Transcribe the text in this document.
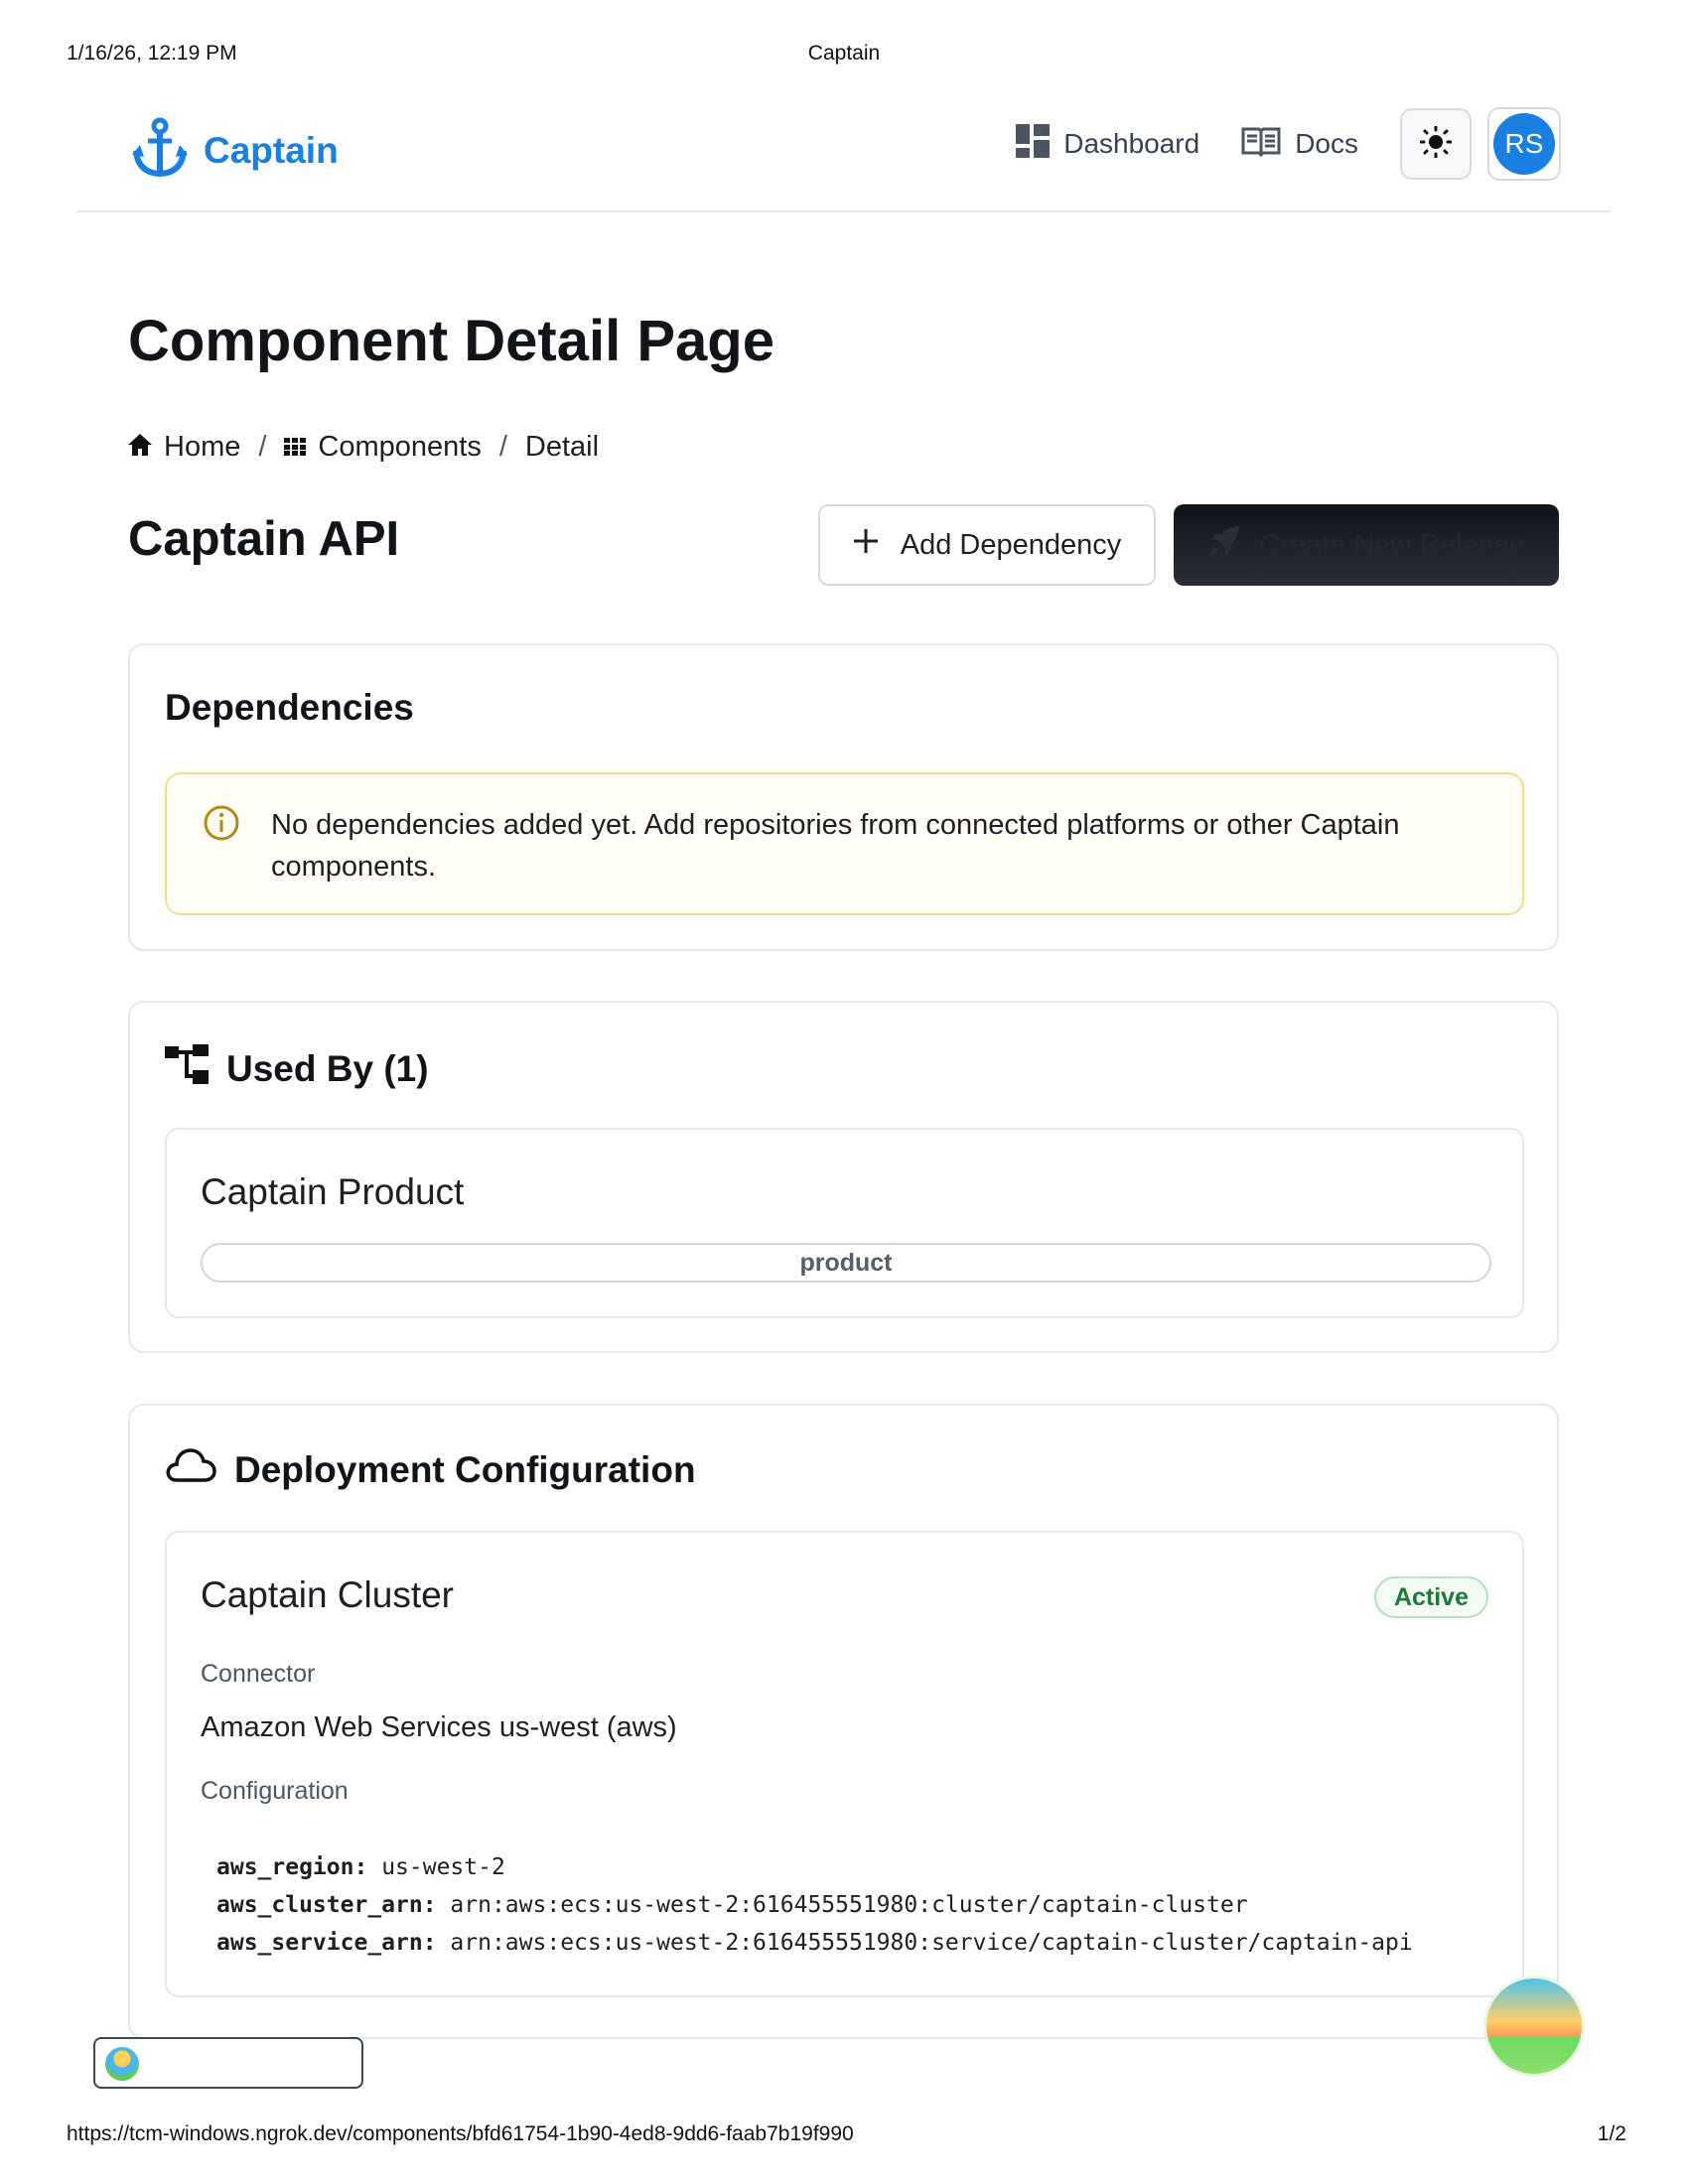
1/16/26, 12:19 PM	Captain
Captain	Dashboard	Docs	RS
Component Detail Page
Home / Components / Detail
Captain API	Add Dependency	Create New Release
Dependencies
No dependencies added yet. Add repositories from connected platforms or other Captain components.
Used By (1)
Captain Product
product
Deployment Configuration
Captain Cluster	Active
Connector
Amazon Web Services us-west (aws)
Configuration
aws_region: us-west-2
aws_cluster_arn: arn:aws:ecs:us-west-2:616455551980:cluster/captain-cluster
aws_service_arn: arn:aws:ecs:us-west-2:616455551980:service/captain-cluster/captain-api
https://tcm-windows.ngrok.dev/components/bfd61754-1b90-4ed8-9dd6-faab7b19f990	1/2
